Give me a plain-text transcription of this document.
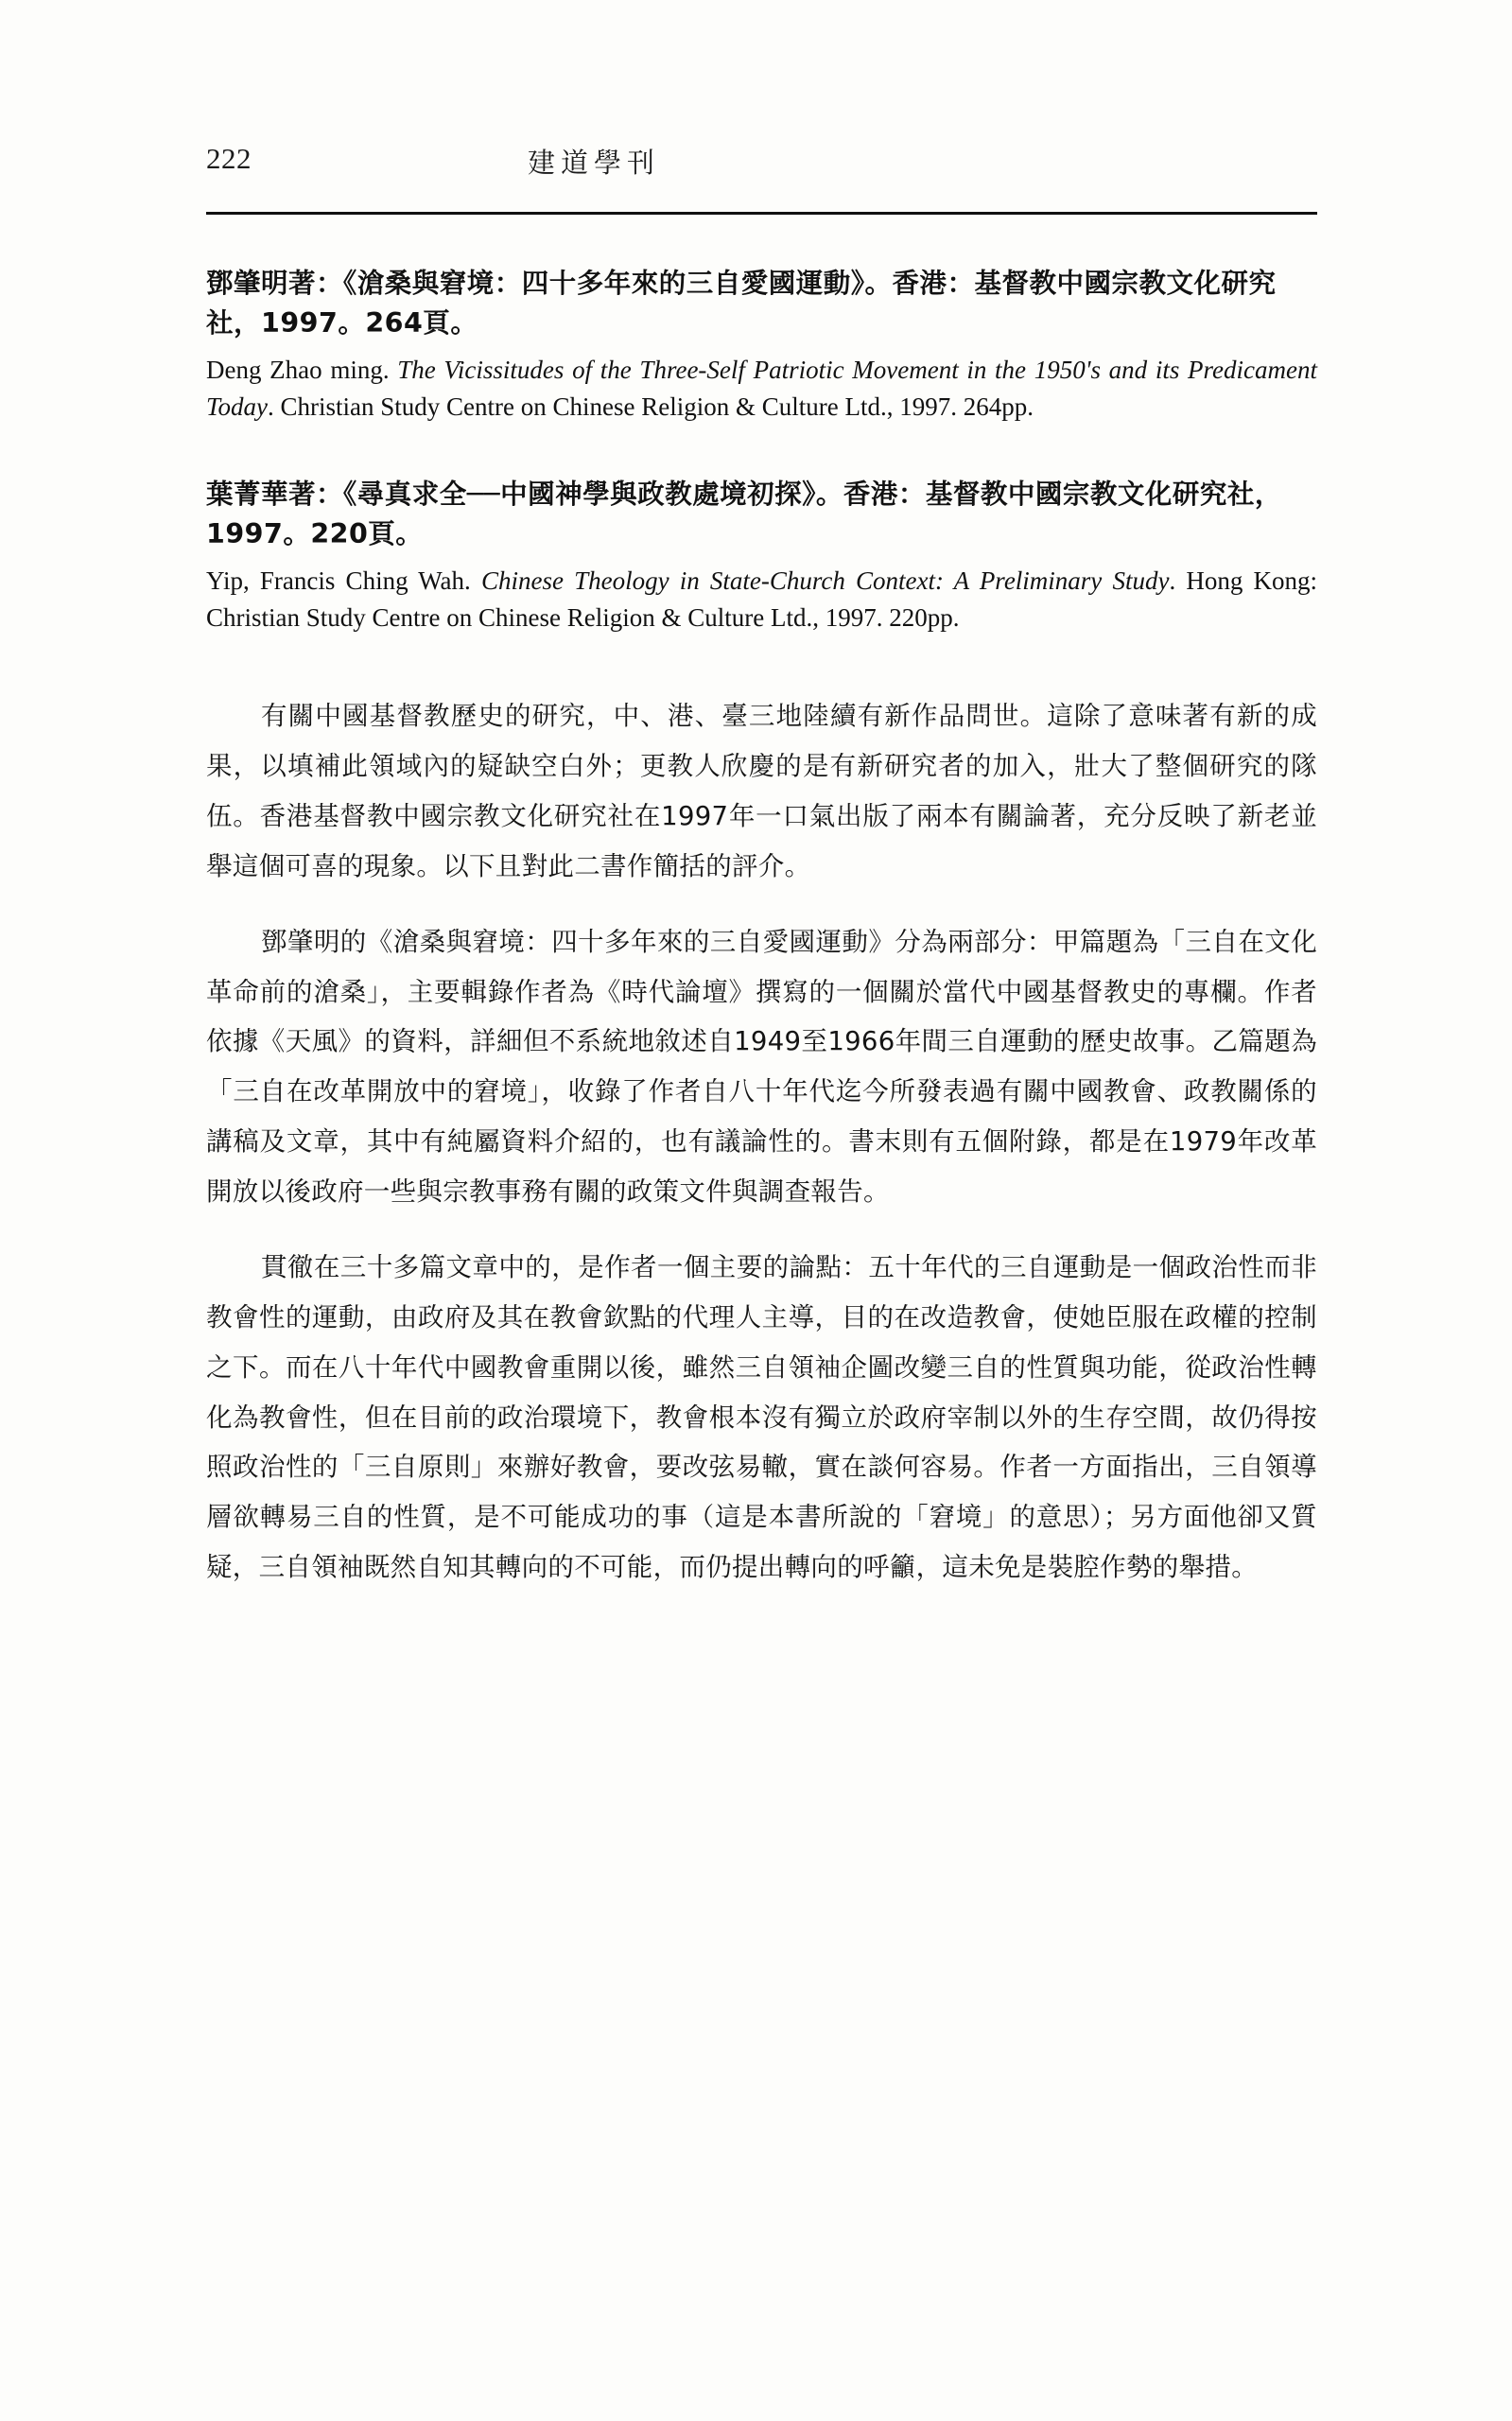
222	建道學刊
鄧肇明著：《滄桑與窘境：四十多年來的三自愛國運動》。香港：基督教中國宗教文化研究社，1997。264頁。
Deng Zhao ming. The Vicissitudes of the Three-Self Patriotic Movement in the 1950's and its Predicament Today. Christian Study Centre on Chinese Religion & Culture Ltd., 1997. 264pp.
葉菁華著：《尋真求全──中國神學與政教處境初探》。香港：基督教中國宗教文化研究社，1997。220頁。
Yip, Francis Ching Wah. Chinese Theology in State-Church Context: A Preliminary Study. Hong Kong: Christian Study Centre on Chinese Religion & Culture Ltd., 1997. 220pp.

有關中國基督教歷史的研究，中、港、臺三地陸續有新作品問世。這除了意味著有新的成果，以填補此領域內的疑缺空白外；更教人欣慶的是有新研究者的加入，壯大了整個研究的隊伍。香港基督教中國宗教文化研究社在1997年一口氣出版了兩本有關論著，充分反映了新老並舉這個可喜的現象。以下且對此二書作簡括的評介。

鄧肇明的《滄桑與窘境：四十多年來的三自愛國運動》分為兩部分：甲篇題為「三自在文化革命前的滄桑」，主要輯錄作者為《時代論壇》撰寫的一個關於當代中國基督教史的專欄。作者依據《天風》的資料，詳細但不系統地敘述自1949至1966年間三自運動的歷史故事。乙篇題為「三自在改革開放中的窘境」，收錄了作者自八十年代迄今所發表過有關中國教會、政教關係的講稿及文章，其中有純屬資料介紹的，也有議論性的。書末則有五個附錄，都是在1979年改革開放以後政府一些與宗教事務有關的政策文件與調查報告。

貫徹在三十多篇文章中的，是作者一個主要的論點：五十年代的三自運動是一個政治性而非教會性的運動，由政府及其在教會欽點的代理人主導，目的在改造教會，使她臣服在政權的控制之下。而在八十年代中國教會重開以後，雖然三自領袖企圖改變三自的性質與功能，從政治性轉化為教會性，但在目前的政治環境下，教會根本沒有獨立於政府宰制以外的生存空間，故仍得按照政治性的「三自原則」來辦好教會，要改弦易轍，實在談何容易。作者一方面指出，三自領導層欲轉易三自的性質，是不可能成功的事（這是本書所說的「窘境」的意思）；另方面他卻又質疑，三自領袖既然自知其轉向的不可能，而仍提出轉向的呼籲，這未免是裝腔作勢的舉措。
